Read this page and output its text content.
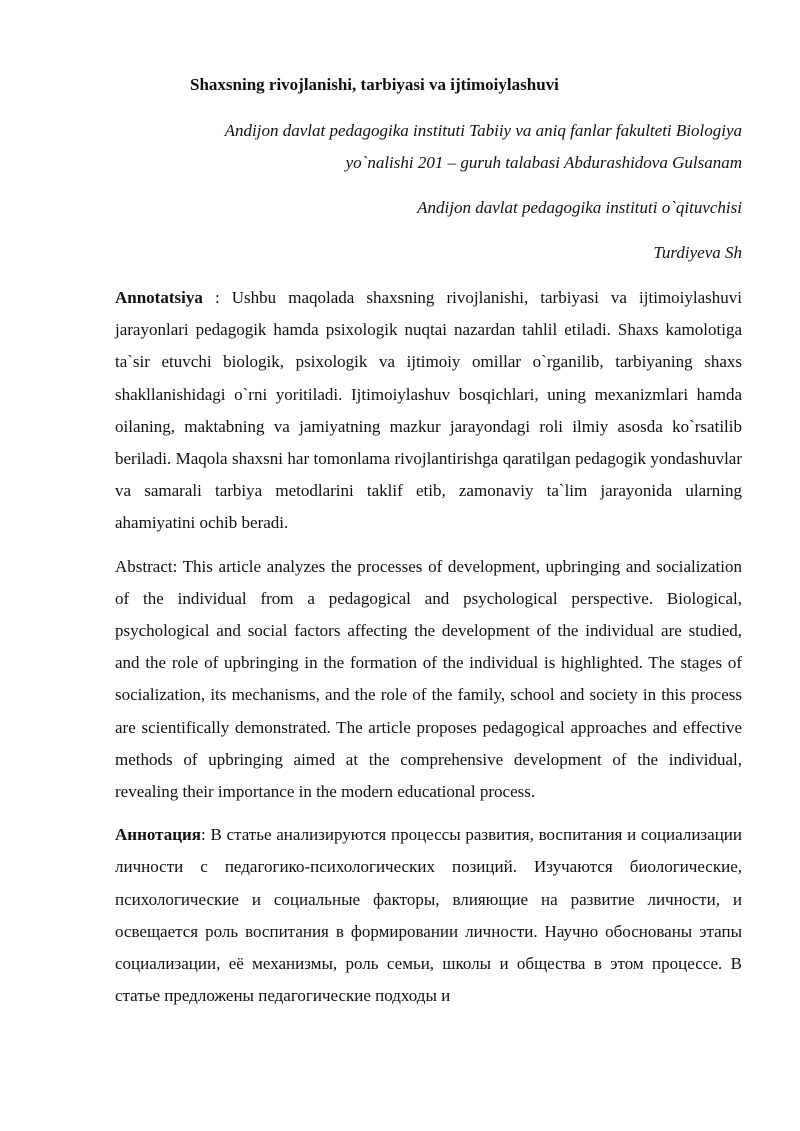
Shaxsning rivojlanishi, tarbiyasi va ijtimoiylashuvi

Andijon davlat pedagogika instituti Tabiiy va aniq fanlar fakulteti Biologiya

yo`nalishi 201 – guruh talabasi Abdurashidova Gulsanam

Andijon davlat pedagogika instituti o`qituvchisi

Turdiyeva Sh

Annotatsiya : Ushbu maqolada shaxsning rivojlanishi, tarbiyasi va ijtimoiylashuvi jarayonlari pedagogik hamda psixologik nuqtai nazardan tahlil etiladi. Shaxs kamolotiga ta`sir etuvchi biologik, psixologik va ijtimoiy omillar o`rganilib, tarbiyaning shaxs shakllanishidagi o`rni yoritiladi. Ijtimoiylashuv bosqichlari, uning mexanizmlari hamda oilaning, maktabning va jamiyatning mazkur jarayondagi roli ilmiy asosda ko`rsatilib beriladi. Maqola shaxsni har tomonlama rivojlantirishga qaratilgan pedagogik yondashuvlar va samarali tarbiya metodlarini taklif etib, zamonaviy ta`lim jarayonida ularning ahamiyatini ochib beradi.

Abstract: This article analyzes the processes of development, upbringing and socialization of the individual from a pedagogical and psychological perspective. Biological, psychological and social factors affecting the development of the individual are studied, and the role of upbringing in the formation of the individual is highlighted. The stages of socialization, its mechanisms, and the role of the family, school and society in this process are scientifically demonstrated. The article proposes pedagogical approaches and effective methods of upbringing aimed at the comprehensive development of the individual, revealing their importance in the modern educational process.

Аннотация: В статье анализируются процессы развития, воспитания и социализации личности с педагогико-психологических позиций. Изучаются биологические, психологические и социальные факторы, влияющие на развитие личности, и освещается роль воспитания в формировании личности. Научно обоснованы этапы социализации, её механизмы, роль семьи, школы и общества в этом процессе. В статье предложены педагогические подходы и
